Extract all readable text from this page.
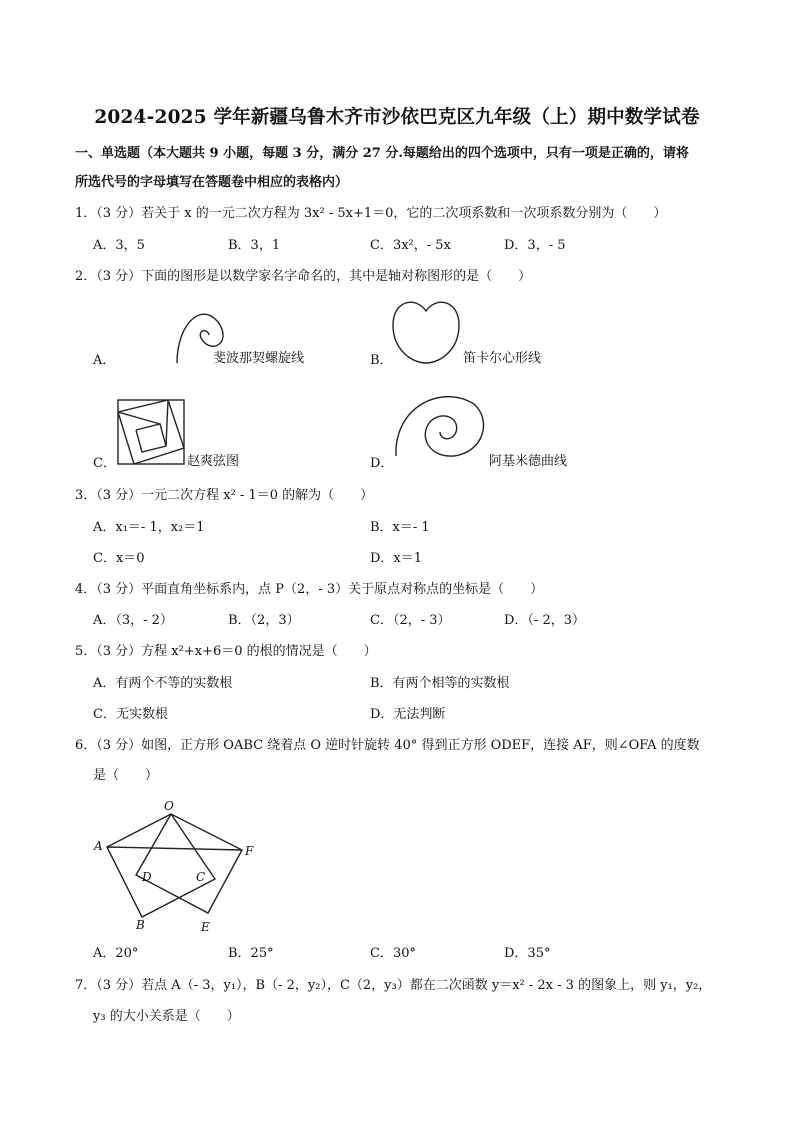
2024-2025 学年新疆乌鲁木齐市沙依巴克区九年级（上）期中数学试卷
一、单选题（本大题共 9 小题，每题 3 分，满分 27 分.每题给出的四个选项中，只有一项是正确的，请将
所选代号的字母填写在答题卷中相应的表格内）
1．（3 分）若关于 x 的一元二次方程为 3x² ‑ 5x+1＝0，它的二次项系数和一次项系数分别为（　　）
A．3，5	B．3，1	C．3x²，‑ 5x	D．3，‑ 5
2．（3 分）下面的图形是以数学家名字命名的，其中是轴对称图形的是（　　）
A．	斐波那契螺旋线	B．	笛卡尔心形线
C．	赵爽弦图	D．	阿基米德曲线
3．（3 分）一元二次方程 x² ‑ 1＝0 的解为（　　）
A．x₁＝‑ 1，x₂＝1	B．x＝‑ 1
C．x＝0	D．x＝1
4．（3 分）平面直角坐标系内，点 P（2，‑ 3）关于原点对称点的坐标是（　　）
A．（3，‑ 2）	B．（2，3）	C．（2，‑ 3）	D．（‑ 2，3）
5．（3 分）方程 x²+x+6＝0 的根的情况是（　　）
A．有两个不等的实数根	B．有两个相等的实数根
C．无实数根	D．无法判断
6．（3 分）如图，正方形 OABC 绕着点 O 逆时针旋转 40° 得到正方形 ODEF，连接 AF，则∠OFA 的度数
是（　　）
O
A	F
D	C
B	E
A．20°	B．25°	C．30°	D．35°
7．（3 分）若点 A（‑ 3，y₁），B（‑ 2，y₂），C（2，y₃）都在二次函数 y＝x² ‑ 2x ‑ 3 的图象上，则 y₁，y₂，
y₃ 的大小关系是（　　）
